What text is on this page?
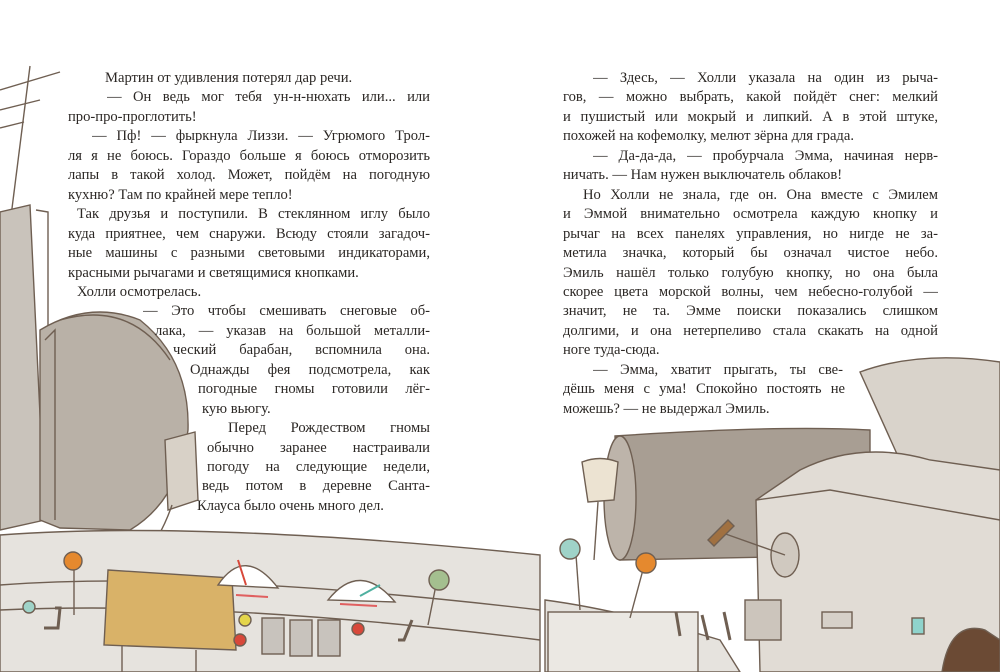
Мартин от удивления потерял дар речи.
— Он ведь мог тебя ун-н-нюхать или... или
про-про-проглотить!
— Пф! — фыркнула Лиззи. — Угрюмого Трол-
ля я не боюсь. Гораздо больше я боюсь отморозить
лапы в такой холод. Может, пойдём на погодную
кухню? Там по крайней мере тепло!
Так друзья и поступили. В стеклянном иглу было
куда приятнее, чем снаружи. Всюду стояли загадоч-
ные машины с разными световыми индикаторами,
красными рычагами и светящимися кнопками.
Холли осмотрелась.
— Это чтобы смешивать снеговые об-
лака, — указав на большой металли-
ческий барабан, вспомнила она.
Однажды фея подсмотрела, как
погодные гномы готовили лёг-
кую вьюгу.
Перед Рождеством гномы
обычно заранее настраивали
погоду на следующие недели,
ведь потом в деревне Санта-
Клауса было очень много дел.
— Здесь, — Холли указала на один из рыча-
гов, — можно выбрать, какой пойдёт снег: мелкий
и пушистый или мокрый и липкий. А в этой штуке,
похожей на кофемолку, мелют зёрна для града.
— Да-да-да, — пробурчала Эмма, начиная нерв-
ничать. — Нам нужен выключатель облаков!
Но Холли не знала, где он. Она вместе с Эмилем
и Эммой внимательно осмотрела каждую кнопку и
рычаг на всех панелях управления, но нигде не за-
метила значка, который бы означал чистое небо.
Эмиль нашёл только голубую кнопку, но она была
скорее цвета морской волны, чем небесно-голубой —
значит, не та. Эмме поиски показались слишком
долгими, и она нетерпеливо стала скакать на одной
ноге туда-сюда.
— Эмма, хватит прыгать, ты све-
дёшь меня с ума! Спокойно постоять не
можешь? — не выдержал Эмиль.
